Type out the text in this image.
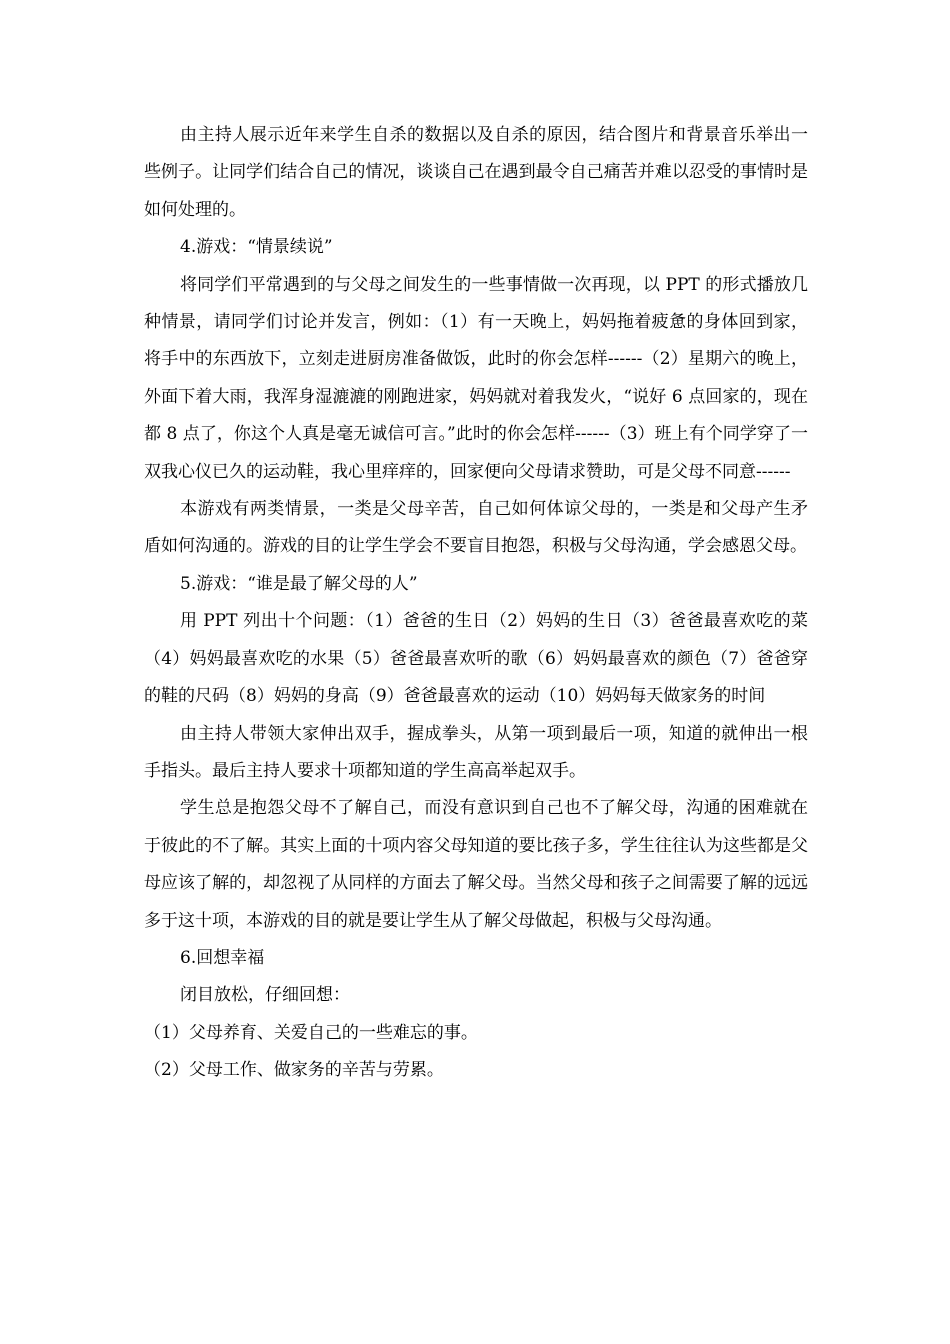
由主持人展示近年来学生自杀的数据以及自杀的原因，结合图片和背景音乐举出一些例子。让同学们结合自己的情况，谈谈自己在遇到最令自己痛苦并难以忍受的事情时是如何处理的。

4.游戏：“情景续说”

将同学们平常遇到的与父母之间发生的一些事情做一次再现，以 PPT 的形式播放几种情景，请同学们讨论并发言，例如：（1）有一天晚上，妈妈拖着疲惫的身体回到家，将手中的东西放下，立刻走进厨房准备做饭，此时的你会怎样------（2）星期六的晚上，外面下着大雨，我浑身湿漉漉的刚跑进家，妈妈就对着我发火，“说好 6 点回家的，现在都 8 点了，你这个人真是毫无诚信可言。”此时的你会怎样------（3）班上有个同学穿了一双我心仪已久的运动鞋，我心里痒痒的，回家便向父母请求赞助，可是父母不同意------

本游戏有两类情景，一类是父母辛苦，自己如何体谅父母的，一类是和父母产生矛盾如何沟通的。游戏的目的让学生学会不要盲目抱怨，积极与父母沟通，学会感恩父母。

5.游戏：“谁是最了解父母的人”

用 PPT 列出十个问题：（1）爸爸的生日（2）妈妈的生日（3）爸爸最喜欢吃的菜（4）妈妈最喜欢吃的水果（5）爸爸最喜欢听的歌（6）妈妈最喜欢的颜色（7）爸爸穿的鞋的尺码（8）妈妈的身高（9）爸爸最喜欢的运动（10）妈妈每天做家务的时间

由主持人带领大家伸出双手，握成拳头，从第一项到最后一项，知道的就伸出一根手指头。最后主持人要求十项都知道的学生高高举起双手。

学生总是抱怨父母不了解自己，而没有意识到自己也不了解父母，沟通的困难就在于彼此的不了解。其实上面的十项内容父母知道的要比孩子多，学生往往认为这些都是父母应该了解的，却忽视了从同样的方面去了解父母。当然父母和孩子之间需要了解的远远多于这十项，本游戏的目的就是要让学生从了解父母做起，积极与父母沟通。

6.回想幸福

闭目放松，仔细回想：

（1）父母养育、关爱自己的一些难忘的事。

（2）父母工作、做家务的辛苦与劳累。
